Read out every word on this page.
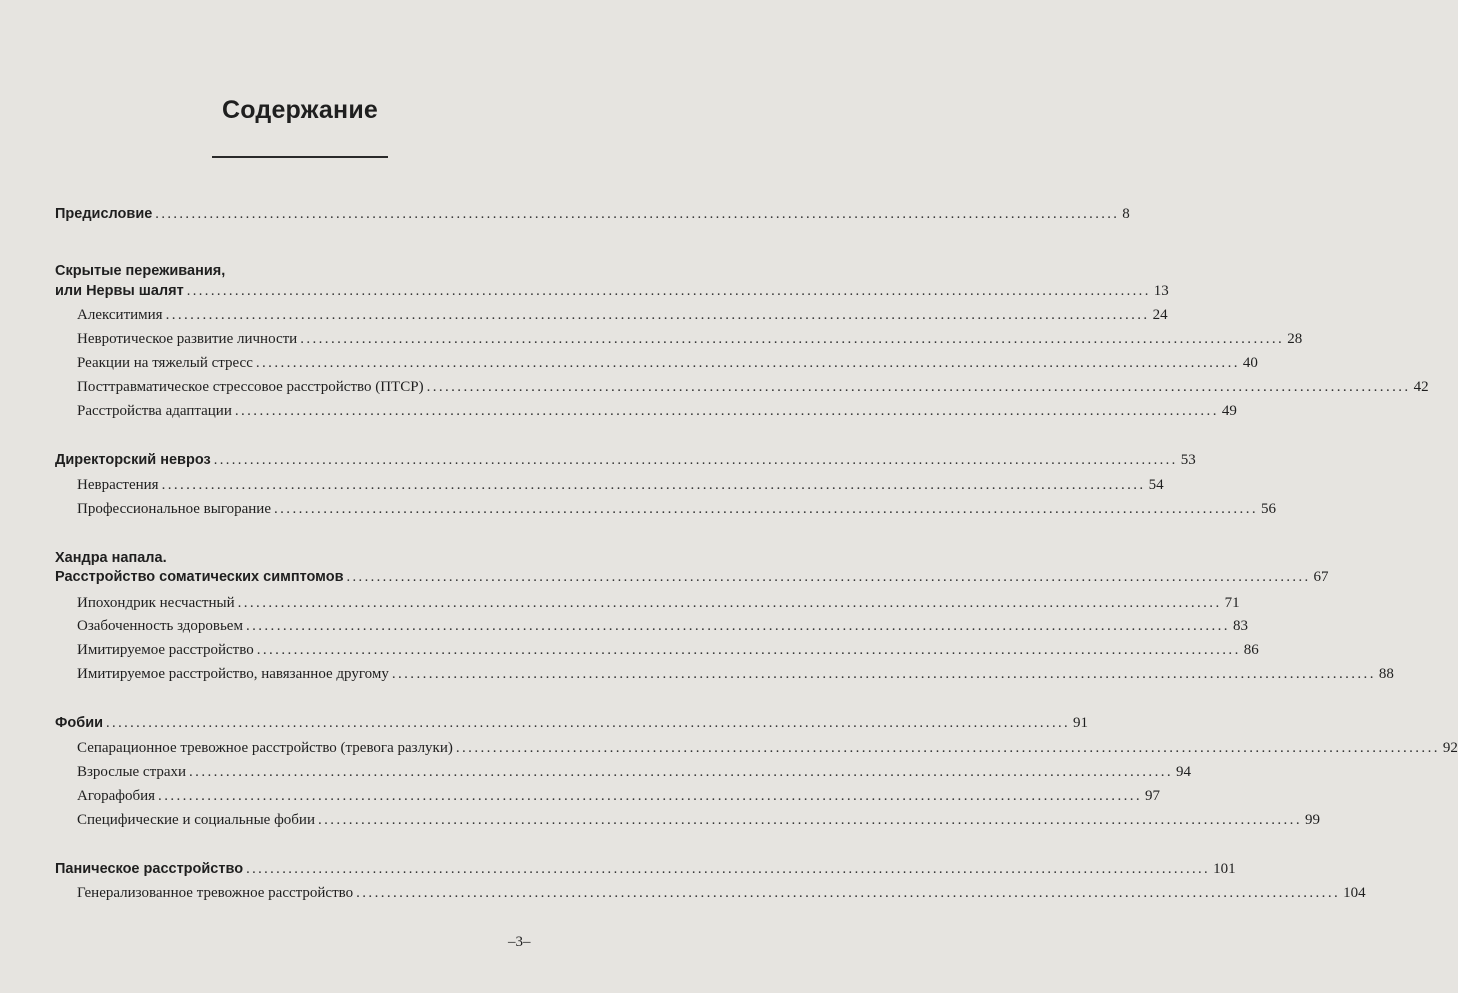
Содержание
Предисловие ................................................................................................................................................................ 8
Скрытые переживания,
или Нервы шалят ................................................................................................................................................................ 13
Алекситимия ................................................................................................................................................................ 24
Невротическое развитие личности ................................................................................................................................................................ 28
Реакции на тяжелый стресс ................................................................................................................................................................ 40
Посттравматическое стрессовое расстройство (ПТСР) ................................................................................................................................................................ 42
Расстройства адаптации ................................................................................................................................................................ 49
Директорский невроз ................................................................................................................................................................ 53
Неврастения ................................................................................................................................................................ 54
Профессиональное выгорание ................................................................................................................................................................ 56
Хандра напала.
Расстройство соматических симптомов ................................................................................................................................................................ 67
Ипохондрик несчастный ................................................................................................................................................................ 71
Озабоченность здоровьем ................................................................................................................................................................ 83
Имитируемое расстройство ................................................................................................................................................................ 86
Имитируемое расстройство, навязанное другому ................................................................................................................................................................ 88
Фобии ................................................................................................................................................................ 91
Сепарационное тревожное расстройство (тревога разлуки) ................................................................................................................................................................ 92
Взрослые страхи ................................................................................................................................................................ 94
Агорафобия ................................................................................................................................................................ 97
Специфические и социальные фобии ................................................................................................................................................................ 99
Паническое расстройство ................................................................................................................................................................ 101
Генерализованное тревожное расстройство ................................................................................................................................................................ 104
–3–
